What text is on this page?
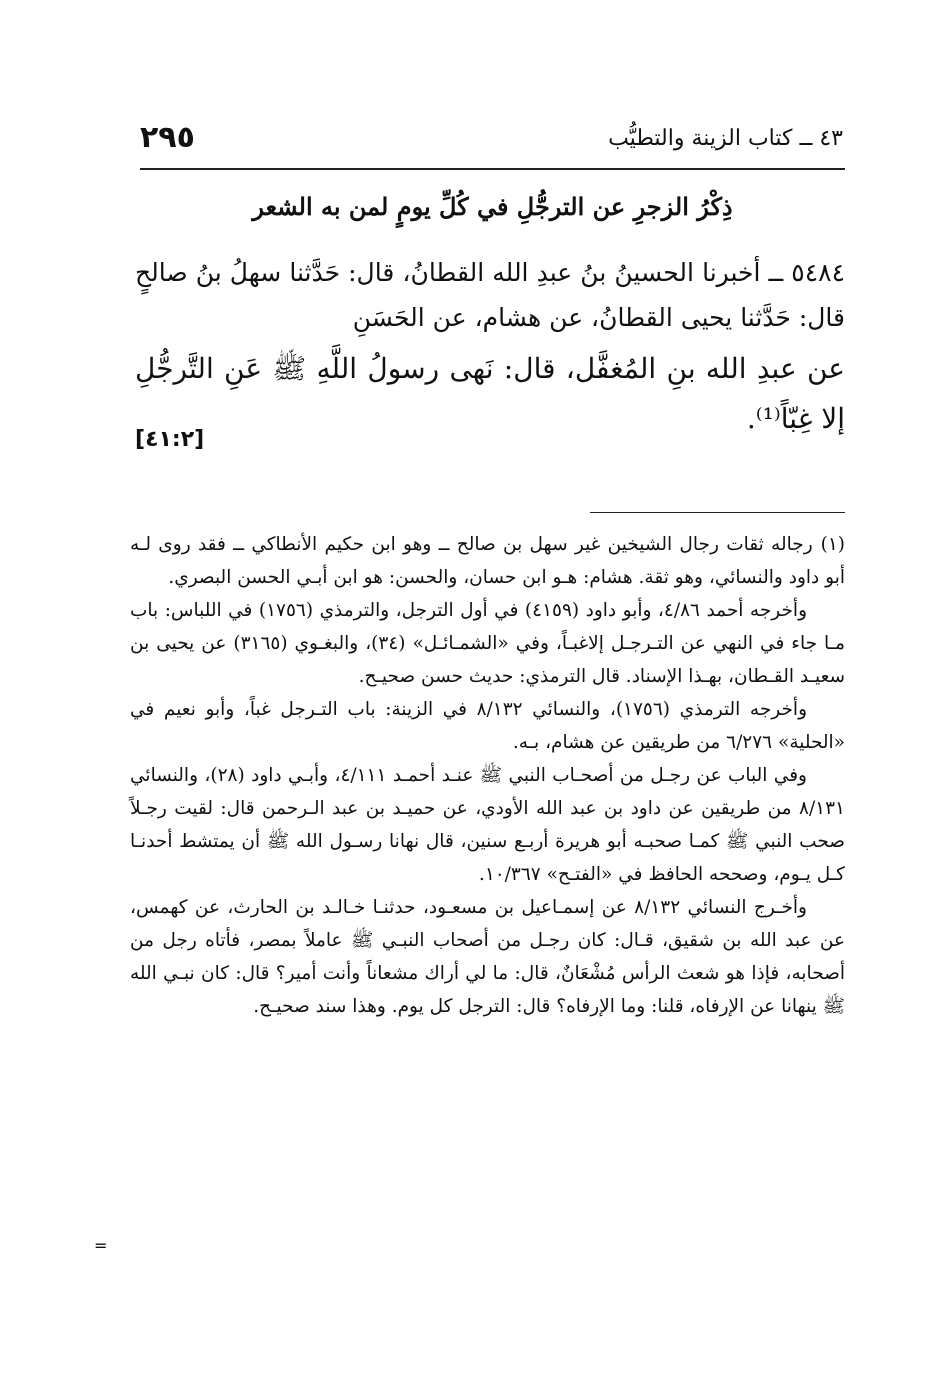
٢٩٥	٤٣ ــ كتاب الزينة والتطيُّب
ذِكْرُ الزجرِ عن الترجُّلِ في كُلِّ يومٍ لمن به الشعر

٥٤٨٤ ــ أخبرنا الحسينُ بنُ عبدِ الله القطانُ، قال: حَدَّثنا سهلُ بنُ صالحٍ قال: حَدَّثنا يحيى القطانُ، عن هشام، عن الحَسَنِ

عن عبدِ الله بنِ المُغفَّل، قال: نَهى رسولُ اللَّهِ ﷺ عَنِ التَّرجُّلِ إلا غِبّاً⁽¹⁾.

[٤١:٢]

(١)رجاله ثقات رجال الشيخين غير سهل بن صالح ــ وهو ابن حكيم الأنطاكي ــ فقد روى لـه أبو داود والنسائي، وهو ثقة. هشام: هـو ابن حسان، والحسن: هو ابن أبـي الحسن البصري.

وأخرجه أحمد ٤/٨٦، وأبو داود (٤١٥٩) في أول الترجل، والترمذي (١٧٥٦) في اللباس: باب مـا جاء في النهي عن التـرجـل إلاغبـاً، وفي «الشمـائـل» (٣٤)، والبغـوي (٣١٦٥) عن يحيى بن سعيـد القـطان، بهـذا الإسناد. قال الترمذي: حديث حسن صحيـح.

وأخرجه الترمذي (١٧٥٦)، والنسائي ٨/١٣٢ في الزينة: باب التـرجل غباً، وأبو نعيم في «الحلية» ٦/٢٧٦ من طريقين عن هشام، بـه.

وفي الباب عن رجـل من أصحـاب النبي ﷺ عنـد أحمـد ٤/١١١، وأبـي داود (٢٨)، والنسائي ٨/١٣١ من طريقين عن داود بن عبد الله الأودي، عن حميـد بن عبد الـرحمن قال: لقيت رجـلاً صحب النبي ﷺ كمـا صحبـه أبو هريرة أربـع سنين، قال نهانا رسـول الله ﷺ أن يمتشط أحدنـا كـل يـوم، وصححه الحافظ في «الفتـح» ١٠/٣٦٧.

وأخـرج النسائي ٨/١٣٢ عن إسمـاعيل بن مسعـود، حدثنـا خـالـد بن الحارث، عن كهمس، عن عبد الله بن شقيق، قـال: كان رجـل من أصحاب النبـي ﷺ عاملاً بمصر، فأتاه رجل من أصحابه، فإذا هو شعث الرأس مُشْعَانٌ، قال: ما لي أراك مشعاناً وأنت أمير؟ قال: كان نبـي الله ﷺ ينهانا عن الإرفاه، قلنا: وما الإرفاه؟ قال: الترجل كل يوم. وهذا سند صحيـح.

=
